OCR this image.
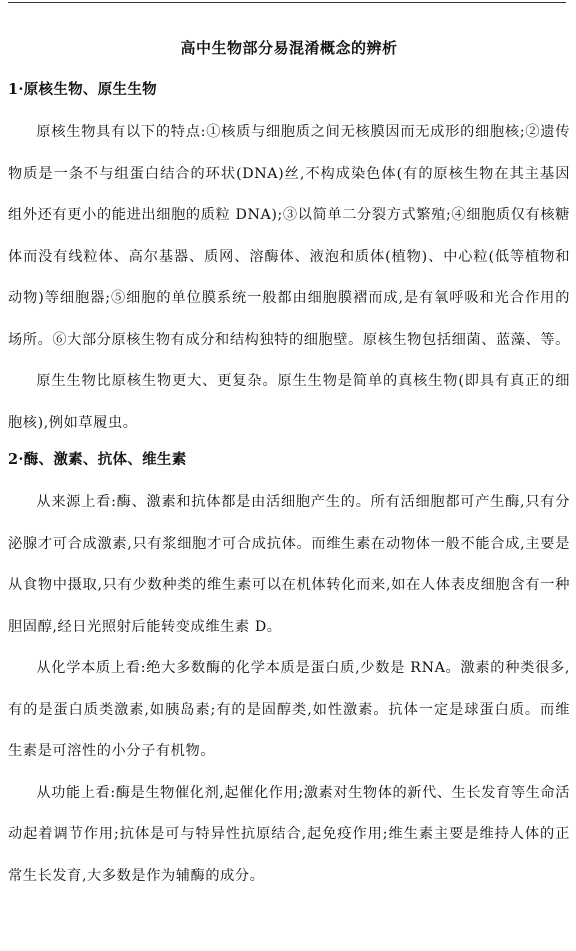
高中生物部分易混淆概念的辨析
1·原核生物、原生生物

原核生物具有以下的特点:①核质与细胞质之间无核膜因而无成形的细胞核;②遗传物质是一条不与组蛋白结合的环状(DNA)丝,不构成染色体(有的原核生物在其主基因组外还有更小的能进出细胞的质粒 DNA);③以简单二分裂方式繁殖;④细胞质仅有核糖体而没有线粒体、高尔基器、质网、溶酶体、液泡和质体(植物)、中心粒(低等植物和动物)等细胞器;⑤细胞的单位膜系统一般都由细胞膜褶而成,是有氧呼吸和光合作用的场所。⑥大部分原核生物有成分和结构独特的细胞壁。原核生物包括细菌、蓝藻、等。

原生生物比原核生物更大、更复杂。原生生物是简单的真核生物(即具有真正的细胞核),例如草履虫。

2·酶、激素、抗体、维生素

从来源上看:酶、激素和抗体都是由活细胞产生的。所有活细胞都可产生酶,只有分泌腺才可合成激素,只有浆细胞才可合成抗体。而维生素在动物体一般不能合成,主要是从食物中摄取,只有少数种类的维生素可以在机体转化而来,如在人体表皮细胞含有一种胆固醇,经日光照射后能转变成维生素 D。

从化学本质上看:绝大多数酶的化学本质是蛋白质,少数是 RNA。激素的种类很多,有的是蛋白质类激素,如胰岛素;有的是固醇类,如性激素。抗体一定是球蛋白质。而维生素是可溶性的小分子有机物。

从功能上看:酶是生物催化剂,起催化作用;激素对生物体的新代、生长发育等生命活动起着调节作用;抗体是可与特异性抗原结合,起免疫作用;维生素主要是维持人体的正常生长发育,大多数是作为辅酶的成分。
